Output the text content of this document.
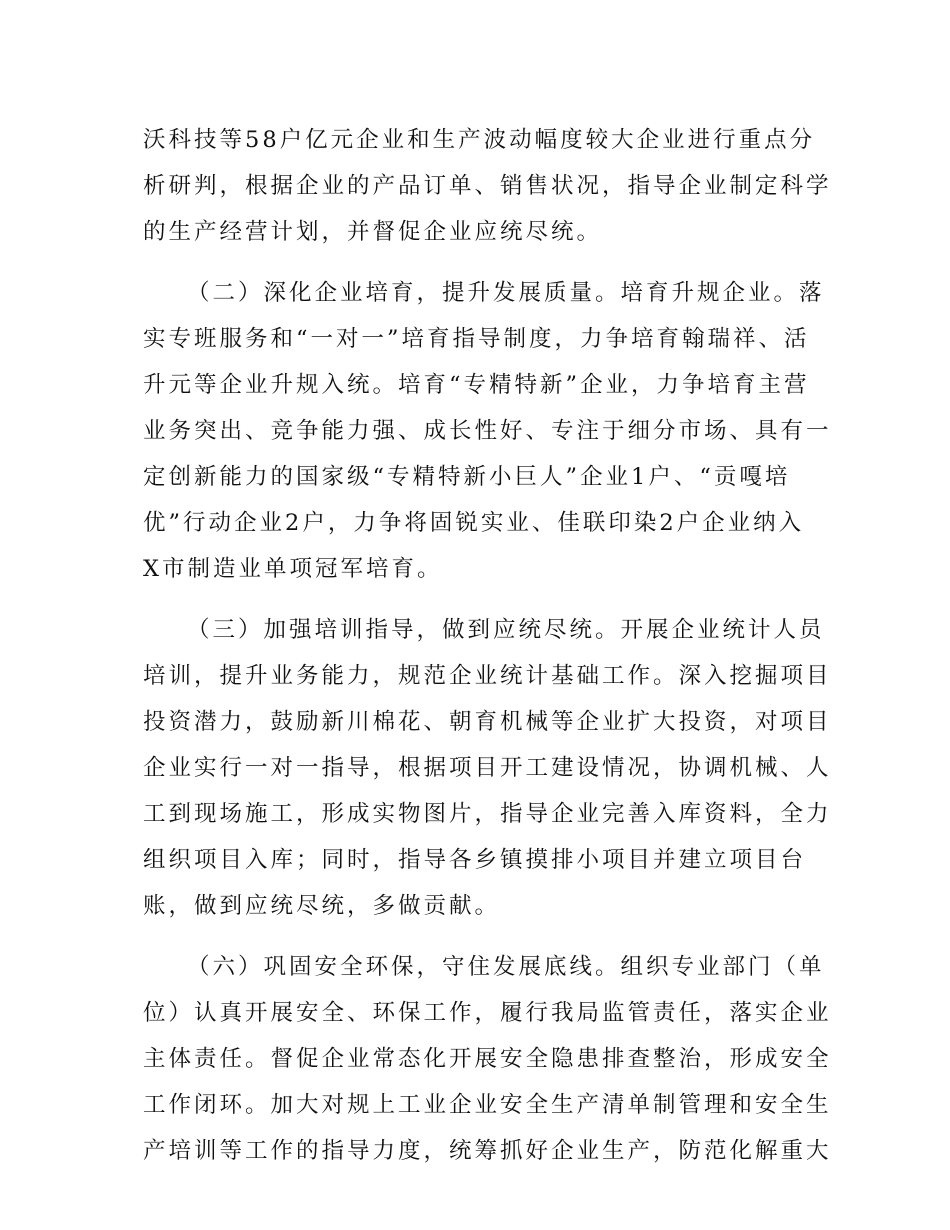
沃科技等58户亿元企业和生产波动幅度较大企业进行重点分
析研判，根据企业的产品订单、销售状况，指导企业制定科学
的生产经营计划，并督促企业应统尽统。
（二）深化企业培育，提升发展质量。培育升规企业。落
实专班服务和“一对一”培育指导制度，力争培育翰瑞祥、活
升元等企业升规入统。培育“专精特新”企业，力争培育主营
业务突出、竞争能力强、成长性好、专注于细分市场、具有一
定创新能力的国家级“专精特新小巨人”企业1户、“贡嘎培
优”行动企业2户，力争将固锐实业、佳联印染2户企业纳入
X市制造业单项冠军培育。
（三）加强培训指导，做到应统尽统。开展企业统计人员
培训，提升业务能力，规范企业统计基础工作。深入挖掘项目
投资潜力，鼓励新川棉花、朝育机械等企业扩大投资，对项目
企业实行一对一指导，根据项目开工建设情况，协调机械、人
工到现场施工，形成实物图片，指导企业完善入库资料，全力
组织项目入库；同时，指导各乡镇摸排小项目并建立项目台
账，做到应统尽统，多做贡献。
（六）巩固安全环保，守住发展底线。组织专业部门（单
位）认真开展安全、环保工作，履行我局监管责任，落实企业
主体责任。督促企业常态化开展安全隐患排查整治，形成安全
工作闭环。加大对规上工业企业安全生产清单制管理和安全生
产培训等工作的指导力度，统筹抓好企业生产，防范化解重大
